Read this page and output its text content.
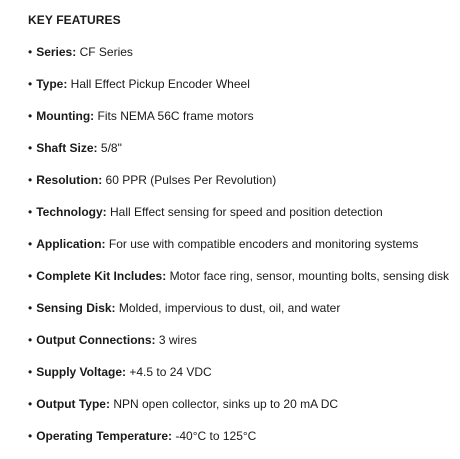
KEY FEATURES
• Series: CF Series
• Type: Hall Effect Pickup Encoder Wheel
• Mounting: Fits NEMA 56C frame motors
• Shaft Size: 5/8"
• Resolution: 60 PPR (Pulses Per Revolution)
• Technology: Hall Effect sensing for speed and position detection
• Application: For use with compatible encoders and monitoring systems
• Complete Kit Includes: Motor face ring, sensor, mounting bolts, sensing disk
• Sensing Disk: Molded, impervious to dust, oil, and water
• Output Connections: 3 wires
• Supply Voltage: +4.5 to 24 VDC
• Output Type: NPN open collector, sinks up to 20 mA DC
• Operating Temperature: -40°C to 125°C
